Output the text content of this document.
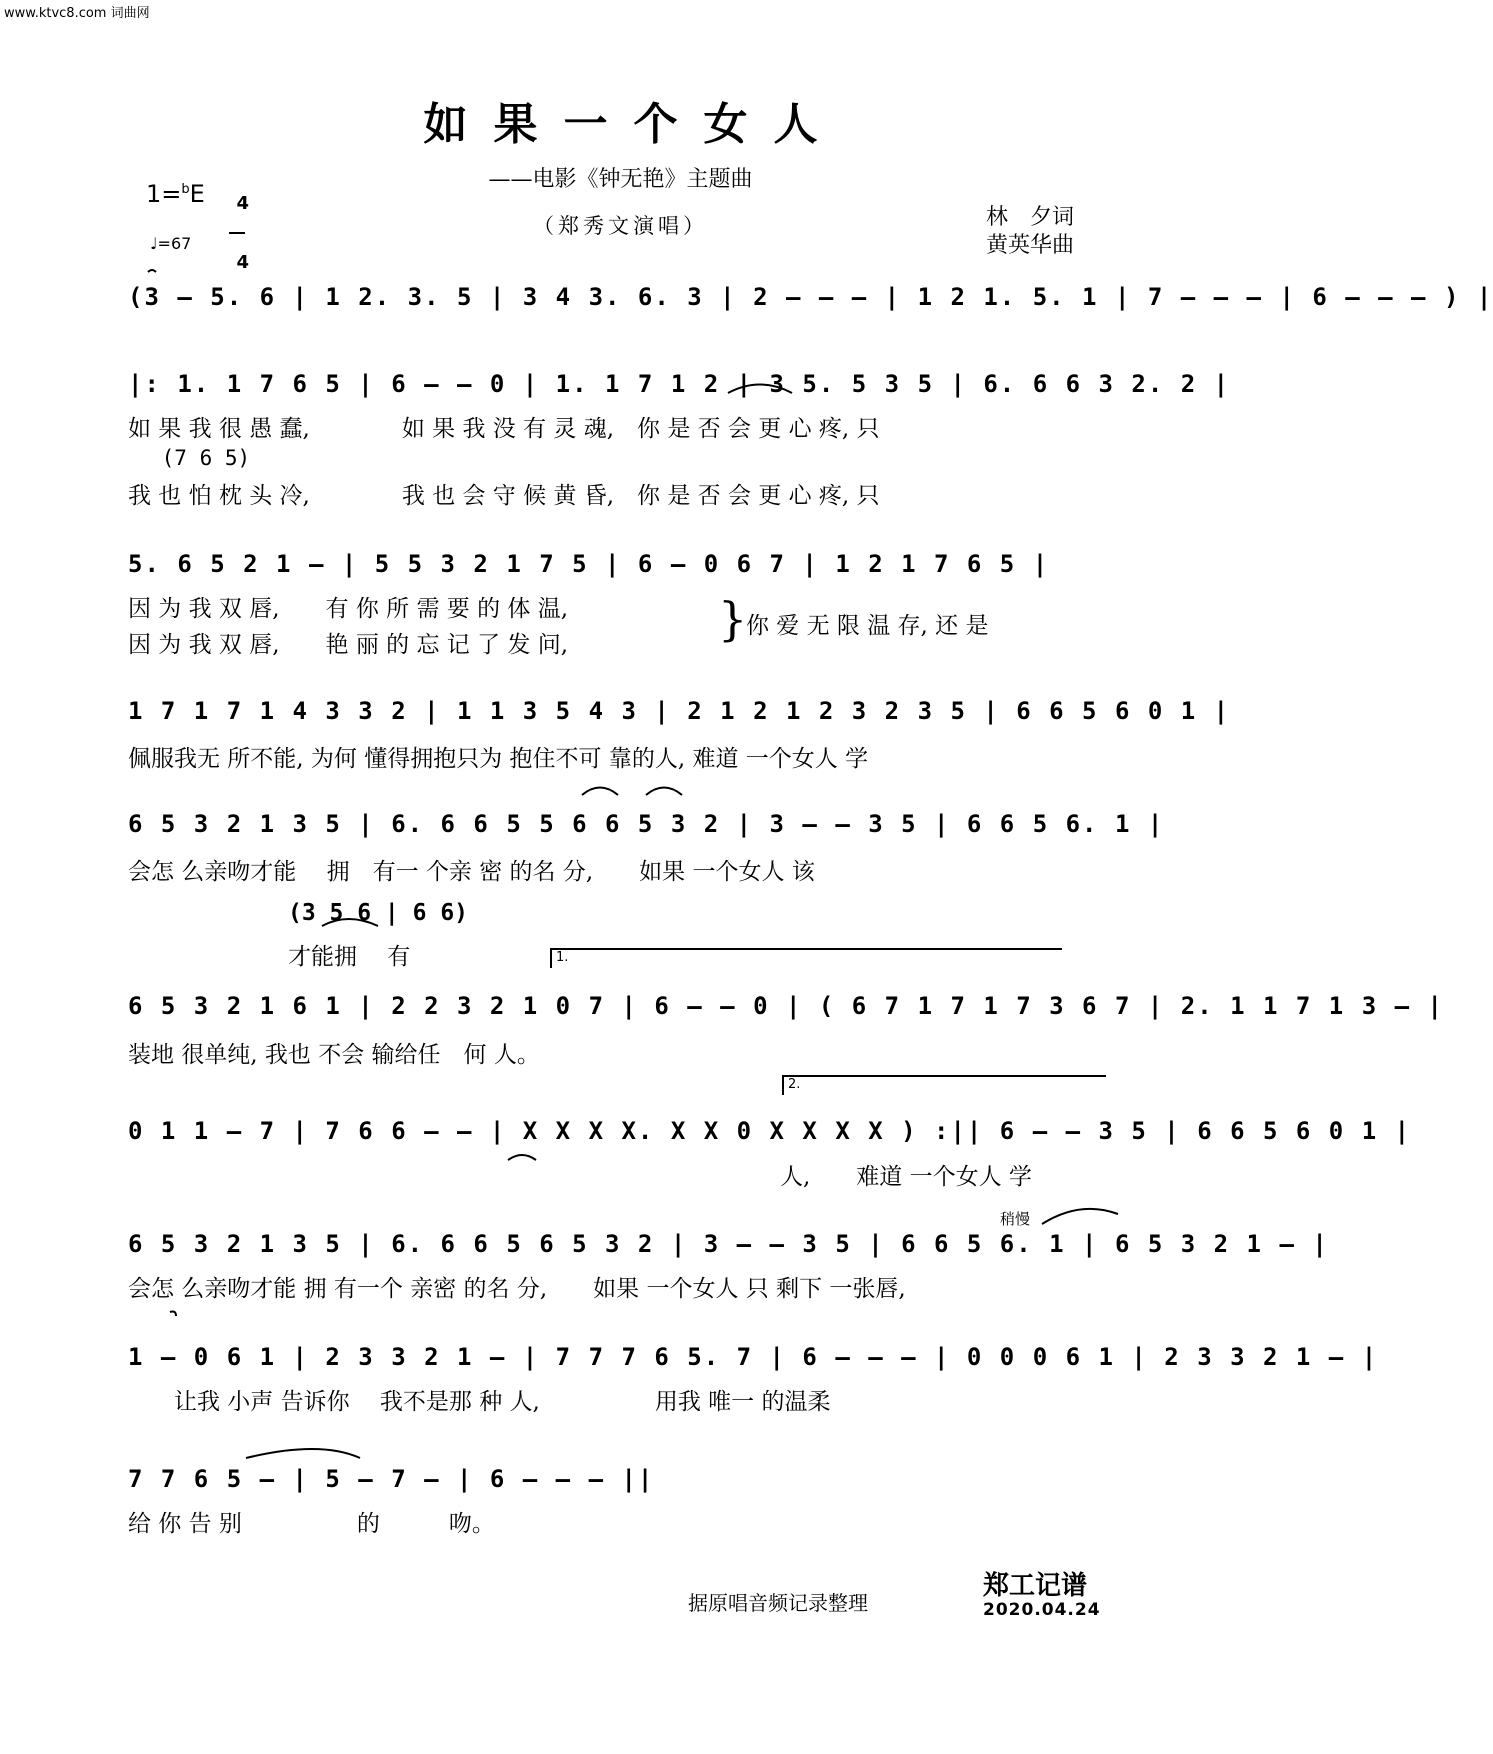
www.ktvc8.com 词曲网
如果一个女人
——电影《钟无艳》主题曲
（郑秀文演唱）
1=$^b$E	4

4

♩=67
林　夕词
黄英华曲
(3 – 5. 6 | 1 2. 3. 5 | 3 4 3. 6. 3 | 2 – – – | 1 2 1. 5. 1 | 7 – – – | 6 – – – ) |
|: 1. 1 7 6 5 | 6 – – 0 | 1. 1 7 1 2 | 3 5. 5 3 5 | 6. 6 6 3 2. 2 |
如 果 我 很 愚 蠢,　　　　如 果 我 没 有 灵 魂,　你 是 否 会 更 心 疼, 只
　 (7 6 5)
我 也 怕 枕 头 冷,　　　　我 也 会 守 候 黄 昏,　你 是 否 会 更 心 疼, 只
5. 6 5 2 1 – | 5 5 3 2 1 7 5 | 6 – 0 6 7 | 1 2 1 7 6 5 |
因 为 我 双 唇,　　有 你 所 需 要 的 体 温,
因 为 我 双 唇,　　艳 丽 的 忘 记 了 发 问,	}
你 爱 无 限 温 存, 还 是
1 7 1 7 1 4 3 3 2 | 1 1 3 5 4 3 | 2 1 2 1 2 3 2 3 5 | 6 6 5 6 0 1 |
佩服我无 所不能, 为何 懂得拥抱只为 抱住不可 靠的人, 难道 一个女人 学
6 5 3 2 1 3 5 | 6. 6 6 5 5 6 6 5 3 2 | 3 – – 3 5 | 6 6 5 6. 1 |
会怎 么亲吻才能 　拥　有一 个亲 密 的名 分,　　如果 一个女人 该
(3 5 6 | 6 6)
才能拥　 有	1.
6 5 3 2 1 6 1 | 2 2 3 2 1 0 7 | 6 – – 0 | ( 6 7 1 7 1 7 3 6 7 | 2. 1 1 7 1 3 – |
装地 很单纯, 我也 不会 输给任　何 人。
2.
0 1 1 – 7 | 7 6 6 – – | X X X X. X X 0 X X X X ) :|| 6 – – 3 5 | 6 6 5 6 0 1 |
人,　　难道 一个女人 学
稍慢
6 5 3 2 1 3 5 | 6. 6 6 5 6 5 3 2 | 3 – – 3 5 | 6 6 5 6. 1 | 6 5 3 2 1 – |
会怎 么亲吻才能 拥 有一个 亲密 的名 分,　　如果 一个女人 只 剩下 一张唇,
1 – 0 6 1 | 2 3 3 2 1 – | 7 7 7 6 5. 7 | 6 – – – | 0 0 0 6 1 | 2 3 3 2 1 – |
　　让我 小声 告诉你　 我不是那 种 人,　　　　　用我 唯一 的温柔
7 7 6 5 – | 5 – 7 – | 6 – – – ||
给 你 告 别　　　　　的　　　吻。
据原唱音频记录整理
郑工记谱
2020.04.24
